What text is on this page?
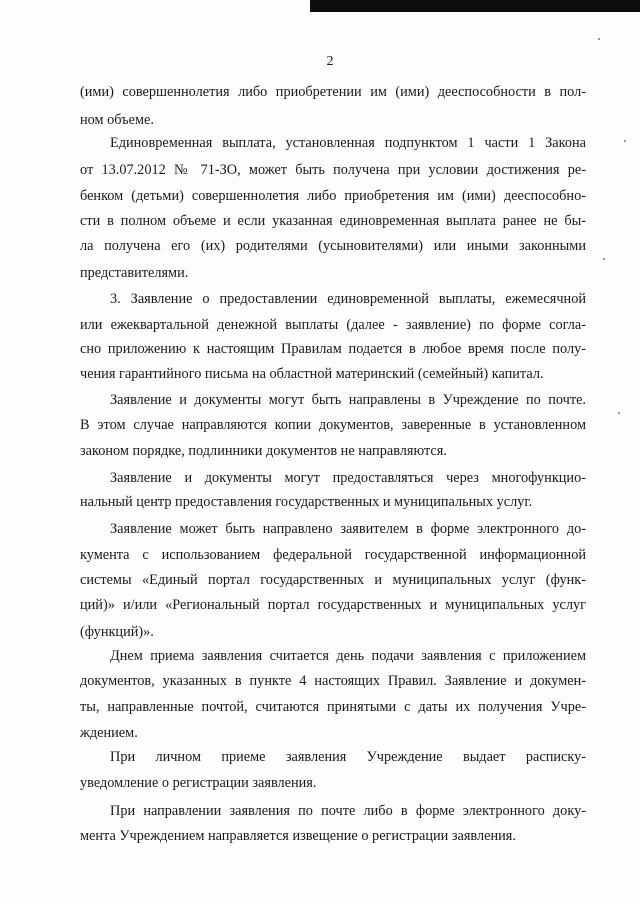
2
(ими) совершеннолетия либо приобретении им (ими) дееспособности в пол-
ном объеме.
Единовременная выплата, установленная подпунктом 1 части 1 Закона
от 13.07.2012 № 71-ЗО, может быть получена при условии достижения ре-
бенком (детьми) совершеннолетия либо приобретения им (ими) дееспособно-
сти в полном объеме и если указанная единовременная выплата ранее не бы-
ла получена его (их) родителями (усыновителями) или иными законными
представителями.
3. Заявление о предоставлении единовременной выплаты, ежемесячной
или ежеквартальной денежной выплаты (далее - заявление) по форме согла-
сно приложению к настоящим Правилам подается в любое время после полу-
чения гарантийного письма на областной материнский (семейный) капитал.
Заявление и документы могут быть направлены в Учреждение по почте.
В этом случае направляются копии документов, заверенные в установленном
законом порядке, подлинники документов не направляются.
Заявление и документы могут предоставляться через многофункцио-
нальный центр предоставления государственных и муниципальных услуг.
Заявление может быть направлено заявителем в форме электронного до-
кумента с использованием федеральной государственной информационной
системы «Единый портал государственных и муниципальных услуг (функ-
ций)» и/или «Региональный портал государственных и муниципальных услуг
(функций)».
Днем приема заявления считается день подачи заявления с приложением
документов, указанных в пункте 4 настоящих Правил. Заявление и докумен-
ты, направленные почтой, считаются принятыми с даты их получения Учре-
ждением.
При личном приеме заявления Учреждение выдает расписку-
уведомление о регистрации заявления.
При направлении заявления по почте либо в форме электронного доку-
мента Учреждением направляется извещение о регистрации заявления.
